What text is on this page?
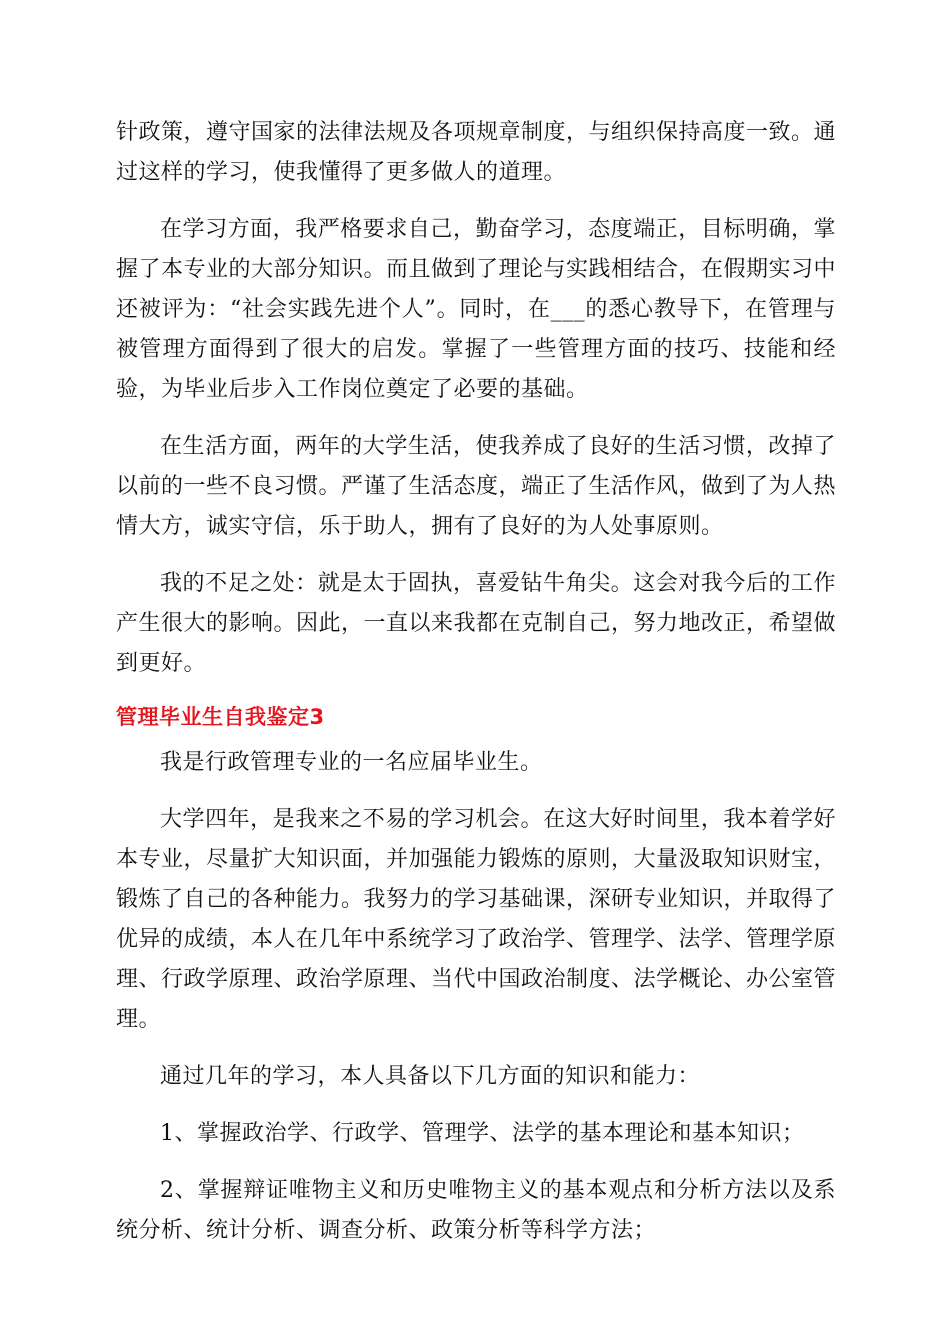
针政策，遵守国家的法律法规及各项规章制度，与组织保持高度一致。通过这样的学习，使我懂得了更多做人的道理。

在学习方面，我严格要求自己，勤奋学习，态度端正，目标明确，掌握了本专业的大部分知识。而且做到了理论与实践相结合，在假期实习中还被评为：“社会实践先进个人”。同时，在___的悉心教导下，在管理与被管理方面得到了很大的启发。掌握了一些管理方面的技巧、技能和经验，为毕业后步入工作岗位奠定了必要的基础。

在生活方面，两年的大学生活，使我养成了良好的生活习惯，改掉了以前的一些不良习惯。严谨了生活态度，端正了生活作风，做到了为人热情大方，诚实守信，乐于助人，拥有了良好的为人处事原则。

我的不足之处：就是太于固执，喜爱钻牛角尖。这会对我今后的工作产生很大的影响。因此，一直以来我都在克制自己，努力地改正，希望做到更好。

管理毕业生自我鉴定3

我是行政管理专业的一名应届毕业生。

大学四年，是我来之不易的学习机会。在这大好时间里，我本着学好本专业，尽量扩大知识面，并加强能力锻炼的原则，大量汲取知识财宝，锻炼了自己的各种能力。我努力的学习基础课，深研专业知识，并取得了优异的成绩，本人在几年中系统学习了政治学、管理学、法学、管理学原理、行政学原理、政治学原理、当代中国政治制度、法学概论、办公室管理。

通过几年的学习，本人具备以下几方面的知识和能力：

1、掌握政治学、行政学、管理学、法学的基本理论和基本知识；

2、掌握辩证唯物主义和历史唯物主义的基本观点和分析方法以及系统分析、统计分析、调查分析、政策分析等科学方法；
